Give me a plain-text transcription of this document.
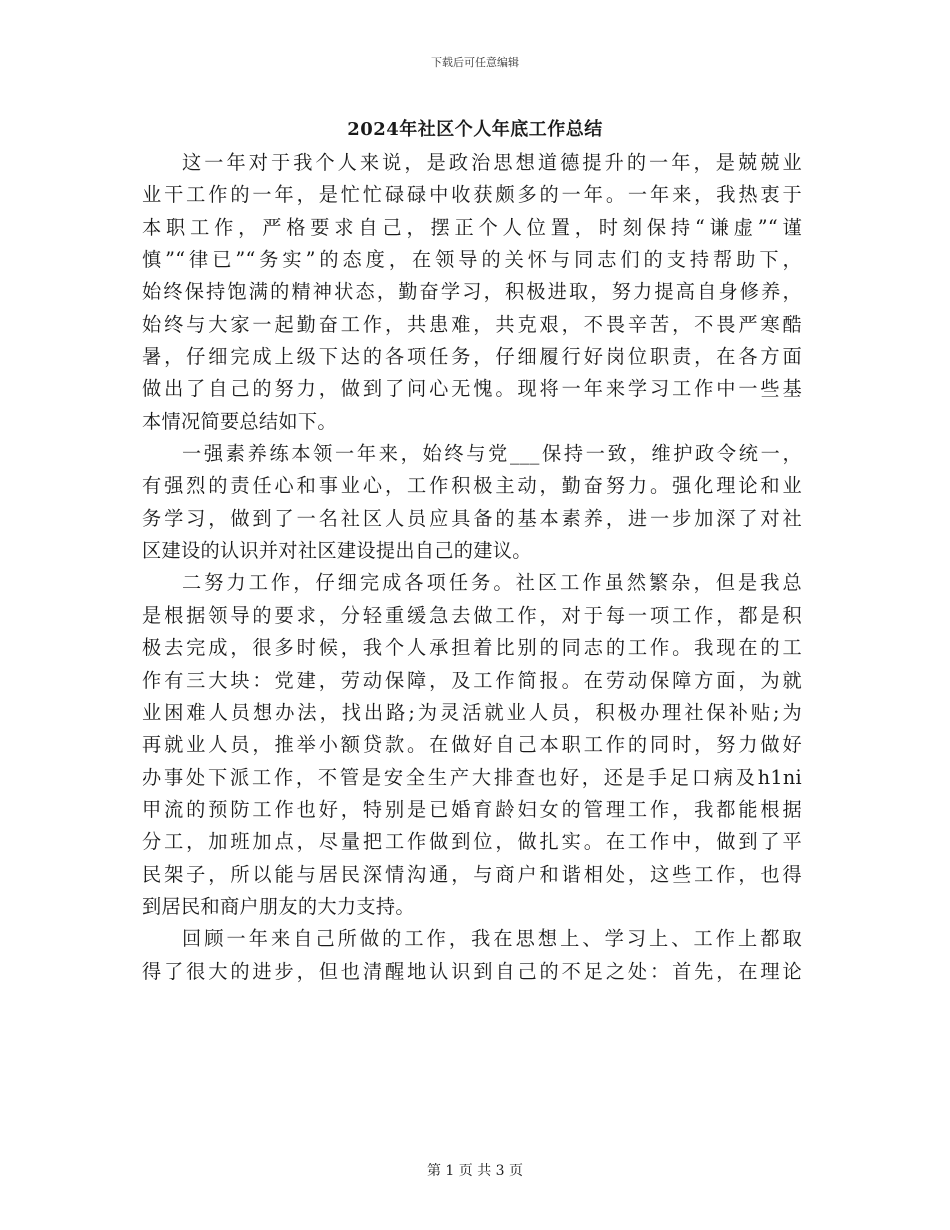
下载后可任意编辑
2024年社区个人年底工作总结
这一年对于我个人来说，是政治思想道德提升的一年，是兢兢业
业干工作的一年，是忙忙碌碌中收获颇多的一年。一年来，我热衷于
本职工作，严格要求自己，摆正个人位置，时刻保持“谦虚”“谨
慎”“律已”“务实”的态度，在领导的关怀与同志们的支持帮助下，
始终保持饱满的精神状态，勤奋学习，积极进取，努力提高自身修养，
始终与大家一起勤奋工作，共患难，共克艰，不畏辛苦，不畏严寒酷
暑，仔细完成上级下达的各项任务，仔细履行好岗位职责，在各方面
做出了自己的努力，做到了问心无愧。现将一年来学习工作中一些基
本情况简要总结如下。
一强素养练本领一年来，始终与党___保持一致，维护政令统一，
有强烈的责任心和事业心，工作积极主动，勤奋努力。强化理论和业
务学习，做到了一名社区人员应具备的基本素养，进一步加深了对社
区建设的认识并对社区建设提出自己的建议。
二努力工作，仔细完成各项任务。社区工作虽然繁杂，但是我总
是根据领导的要求，分轻重缓急去做工作，对于每一项工作，都是积
极去完成，很多时候，我个人承担着比别的同志的工作。我现在的工
作有三大块：党建，劳动保障，及工作简报。在劳动保障方面，为就
业困难人员想办法，找出路;为灵活就业人员，积极办理社保补贴;为
再就业人员，推举小额贷款。在做好自己本职工作的同时，努力做好
办事处下派工作，不管是安全生产大排查也好，还是手足口病及h1ni
甲流的预防工作也好，特别是已婚育龄妇女的管理工作，我都能根据
分工，加班加点，尽量把工作做到位，做扎实。在工作中，做到了平
民架子，所以能与居民深情沟通，与商户和谐相处，这些工作，也得
到居民和商户朋友的大力支持。
回顾一年来自己所做的工作，我在思想上、学习上、工作上都取
得了很大的进步，但也清醒地认识到自己的不足之处：首先，在理论
第 1 页 共 3 页
